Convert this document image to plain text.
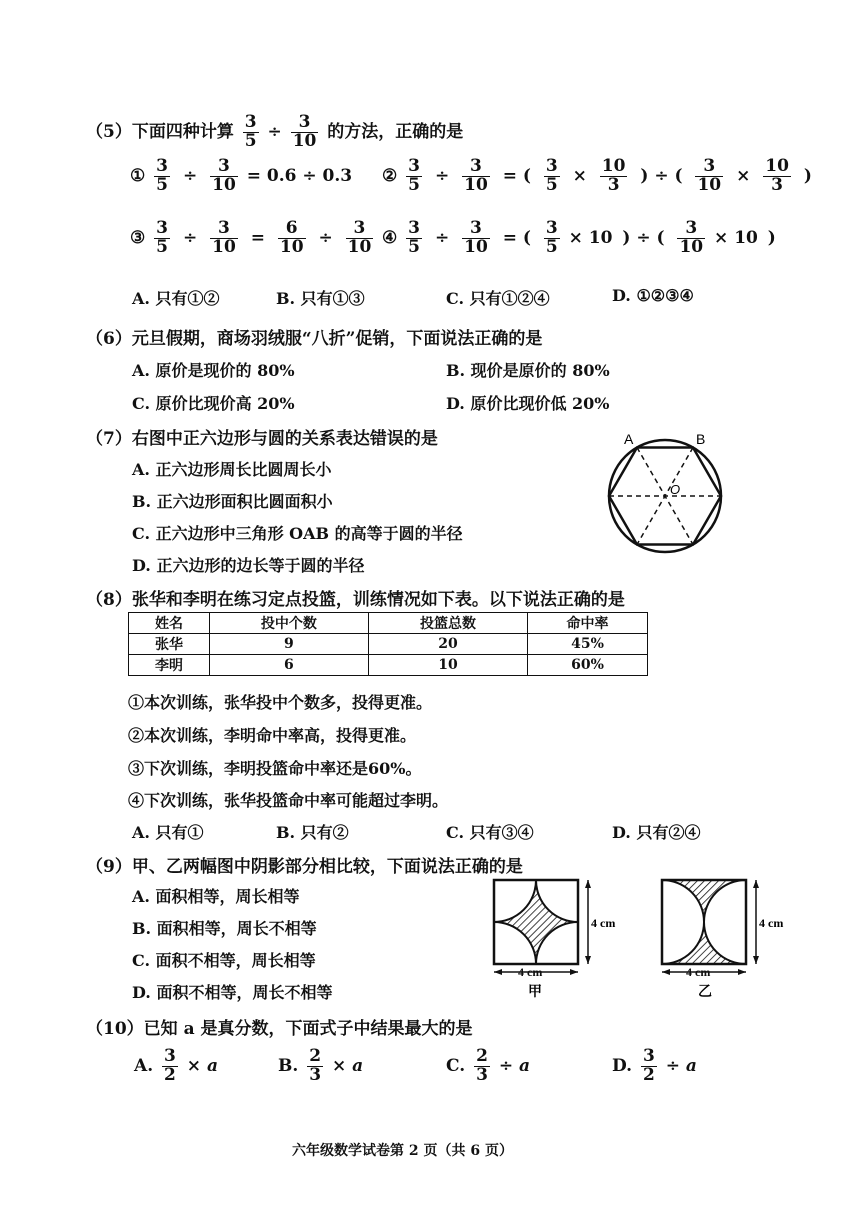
（5）下面四种计算 $\frac{3}{5} \div \frac{3}{10}$ 的方法，正确的是
① $\frac{3}{5} \div \frac{3}{10} = 0.6 \div 0.3$ ② $\frac{3}{5} \div \frac{3}{10}$ = ( $\frac{3}{5} \times \frac{10}{3}$ ) ÷ ( $\frac{3}{10} \times \frac{10}{3}$ )
③ $\frac{3}{5} \div \frac{3}{10} = \frac{6}{10} \div \frac{3}{10}$ ④ $\frac{3}{5} \div \frac{3}{10}$ = ( $\frac{3}{5} \times 10$ ) ÷ ( $\frac{3}{10} \times 10$ )
A. 只有①②	B. 只有①③	C. 只有①②④	D. ①②③④
（6）元旦假期，商场羽绒服“八折”促销，下面说法正确的是
A. 原价是现价的 80%	B. 现价是原价的 80%
C. 原价比现价高 20%	D. 原价比现价低 20%
（7）右图中正六边形与圆的关系表达错误的是
A. 正六边形周长比圆周长小
B. 正六边形面积比圆面积小
C. 正六边形中三角形 OAB 的高等于圆的半径
D. 正六边形的边长等于圆的半径
A	B
O
（8）张华和李明在练习定点投篮，训练情况如下表。以下说法正确的是
姓名	投中个数	投篮总数	命中率
张华	9	20	45%
李明	6	10	60%
①本次训练，张华投中个数多，投得更准。
②本次训练，李明命中率高，投得更准。
③下次训练，李明投篮命中率还是60%。
④下次训练，张华投篮命中率可能超过李明。
A. 只有①	B. 只有②	C. 只有③④	D. 只有②④
（9）甲、乙两幅图中阴影部分相比较，下面说法正确的是
A. 面积相等，周长相等
B. 面积相等，周长不相等
C. 面积不相等，周长相等
D. 面积不相等，周长不相等
4 cm
4 cm
甲
4 cm
4 cm
乙
（10）已知 a 是真分数，下面式子中结果最大的是
A. $\frac{3}{2} \times a$	B. $\frac{2}{3} \times a$	C. $\frac{2}{3} \div a$	D. $\frac{3}{2} \div a$
六年级数学试卷第 2 页（共 6 页）
